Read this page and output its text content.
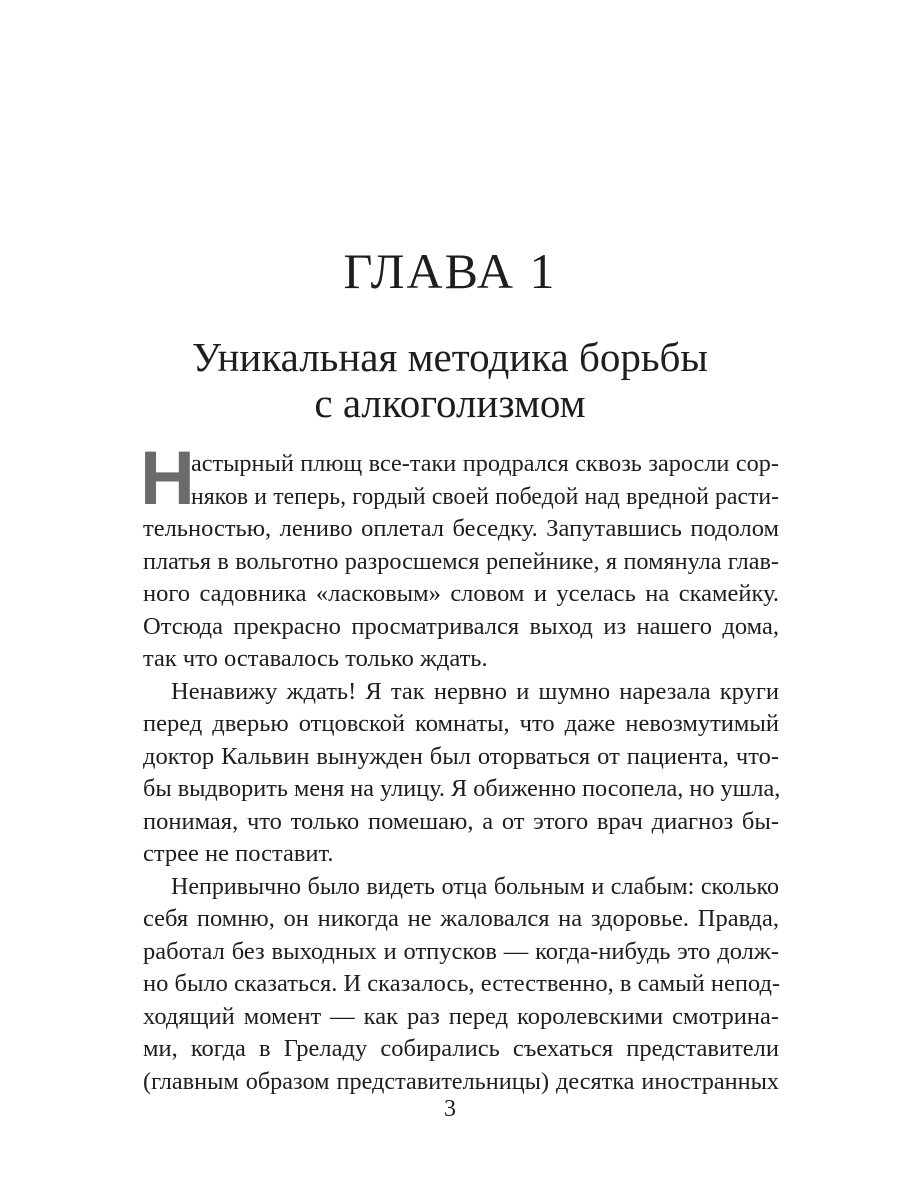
ГЛАВА 1
Уникальная методика борьбы
с алкоголизмом
Н
астырный плющ все-таки продрался сквозь заросли сор-
няков и теперь, гордый своей победой над вредной расти-
тельностью, лениво оплетал беседку. Запутавшись подолом
платья в вольготно разросшемся репейнике, я помянула глав-
ного садовника «ласковым» словом и уселась на скамейку.
Отсюда прекрасно просматривался выход из нашего дома,
так что оставалось только ждать.
Ненавижу ждать! Я так нервно и шумно нарезала круги
перед дверью отцовской комнаты, что даже невозмутимый
доктор Кальвин вынужден был оторваться от пациента, что-
бы выдворить меня на улицу. Я обиженно посопела, но ушла,
понимая, что только помешаю, а от этого врач диагноз бы-
стрее не поставит.
Непривычно было видеть отца больным и слабым: сколько
себя помню, он никогда не жаловался на здоровье. Правда,
работал без выходных и отпусков — когда-нибудь это долж-
но было сказаться. И сказалось, естественно, в самый непод-
ходящий момент — как раз перед королевскими смотрина-
ми, когда в Греладу собирались съехаться представители
(главным образом представительницы) десятка иностранных
3
